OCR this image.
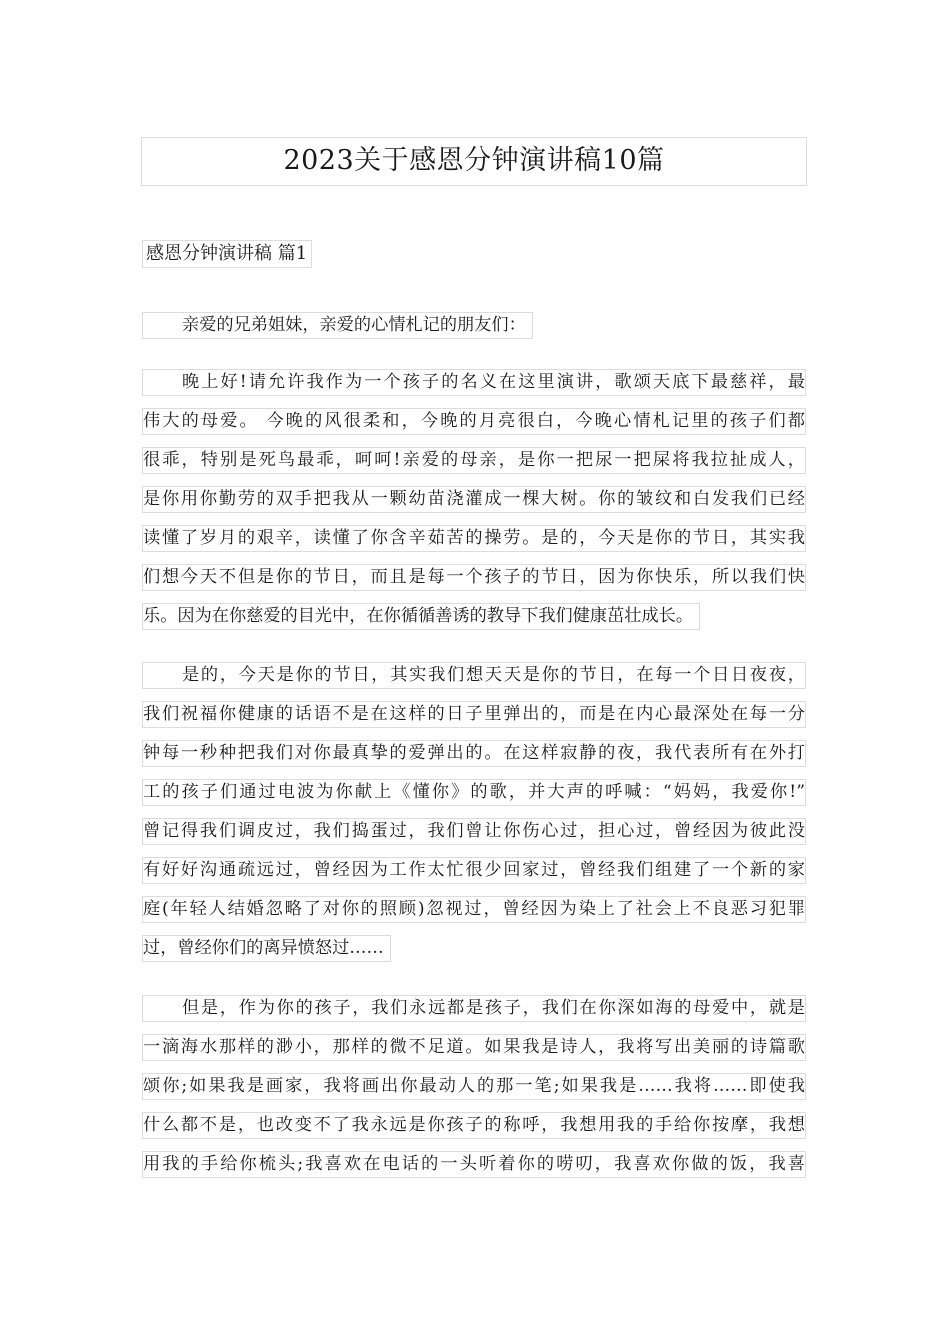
2023关于感恩分钟演讲稿10篇
感恩分钟演讲稿 篇1
亲爱的兄弟姐妹，亲爱的心情札记的朋友们：
晚上好!请允许我作为一个孩子的名义在这里演讲，歌颂天底下最慈祥，最
伟大的母爱。 今晚的风很柔和，今晚的月亮很白，今晚心情札记里的孩子们都
很乖，特别是死鸟最乖，呵呵!亲爱的母亲，是你一把尿一把屎将我拉扯成人，
是你用你勤劳的双手把我从一颗幼苗浇灌成一棵大树。你的皱纹和白发我们已经
读懂了岁月的艰辛，读懂了你含辛茹苦的操劳。是的，今天是你的节日，其实我
们想今天不但是你的节日，而且是每一个孩子的节日，因为你快乐，所以我们快
乐。因为在你慈爱的目光中，在你循循善诱的教导下我们健康茁壮成长。
是的，今天是你的节日，其实我们想天天是你的节日，在每一个日日夜夜，
我们祝福你健康的话语不是在这样的日子里弹出的，而是在内心最深处在每一分
钟每一秒种把我们对你最真挚的爱弹出的。在这样寂静的夜，我代表所有在外打
工的孩子们通过电波为你献上《懂你》的歌，并大声的呼喊：“妈妈，我爱你!”
曾记得我们调皮过，我们捣蛋过，我们曾让你伤心过，担心过，曾经因为彼此没
有好好沟通疏远过，曾经因为工作太忙很少回家过，曾经我们组建了一个新的家
庭(年轻人结婚忽略了对你的照顾)忽视过，曾经因为染上了社会上不良恶习犯罪
过，曾经你们的离异愤怒过……
但是，作为你的孩子，我们永远都是孩子，我们在你深如海的母爱中，就是
一滴海水那样的渺小，那样的微不足道。如果我是诗人，我将写出美丽的诗篇歌
颂你;如果我是画家，我将画出你最动人的那一笔;如果我是……我将……即使我
什么都不是，也改变不了我永远是你孩子的称呼，我想用我的手给你按摩，我想
用我的手给你梳头;我喜欢在电话的一头听着你的唠叨，我喜欢你做的饭，我喜
